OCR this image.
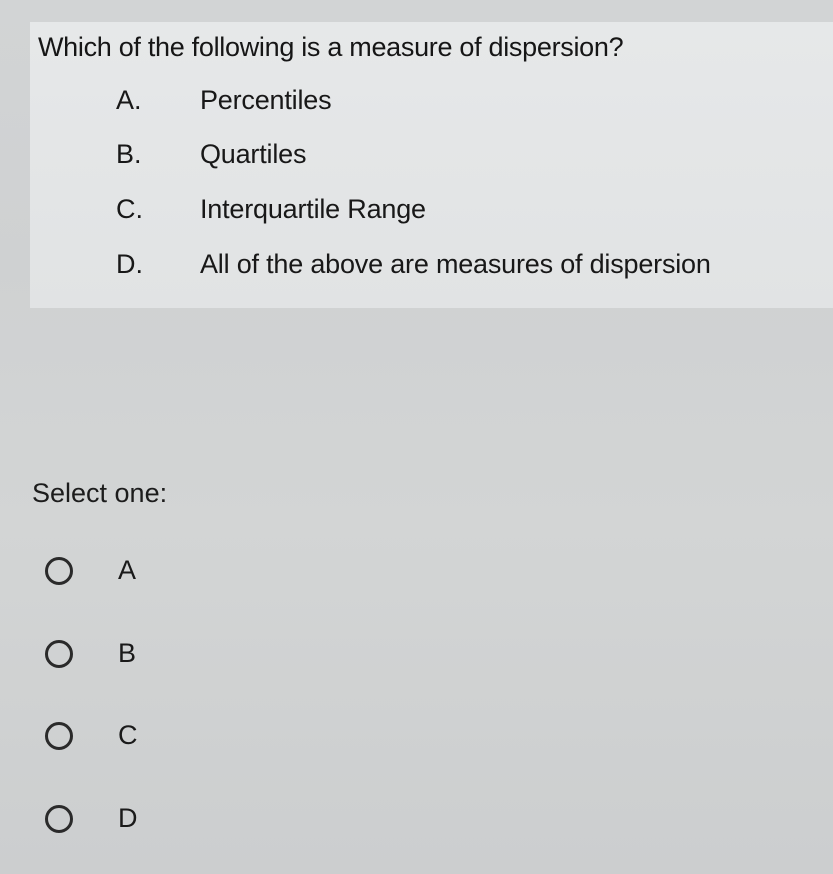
Which of the following is a measure of dispersion?
A. Percentiles
B. Quartiles
C. Interquartile Range
D. All of the above are measures of dispersion
Select one:
A
B
C
D
